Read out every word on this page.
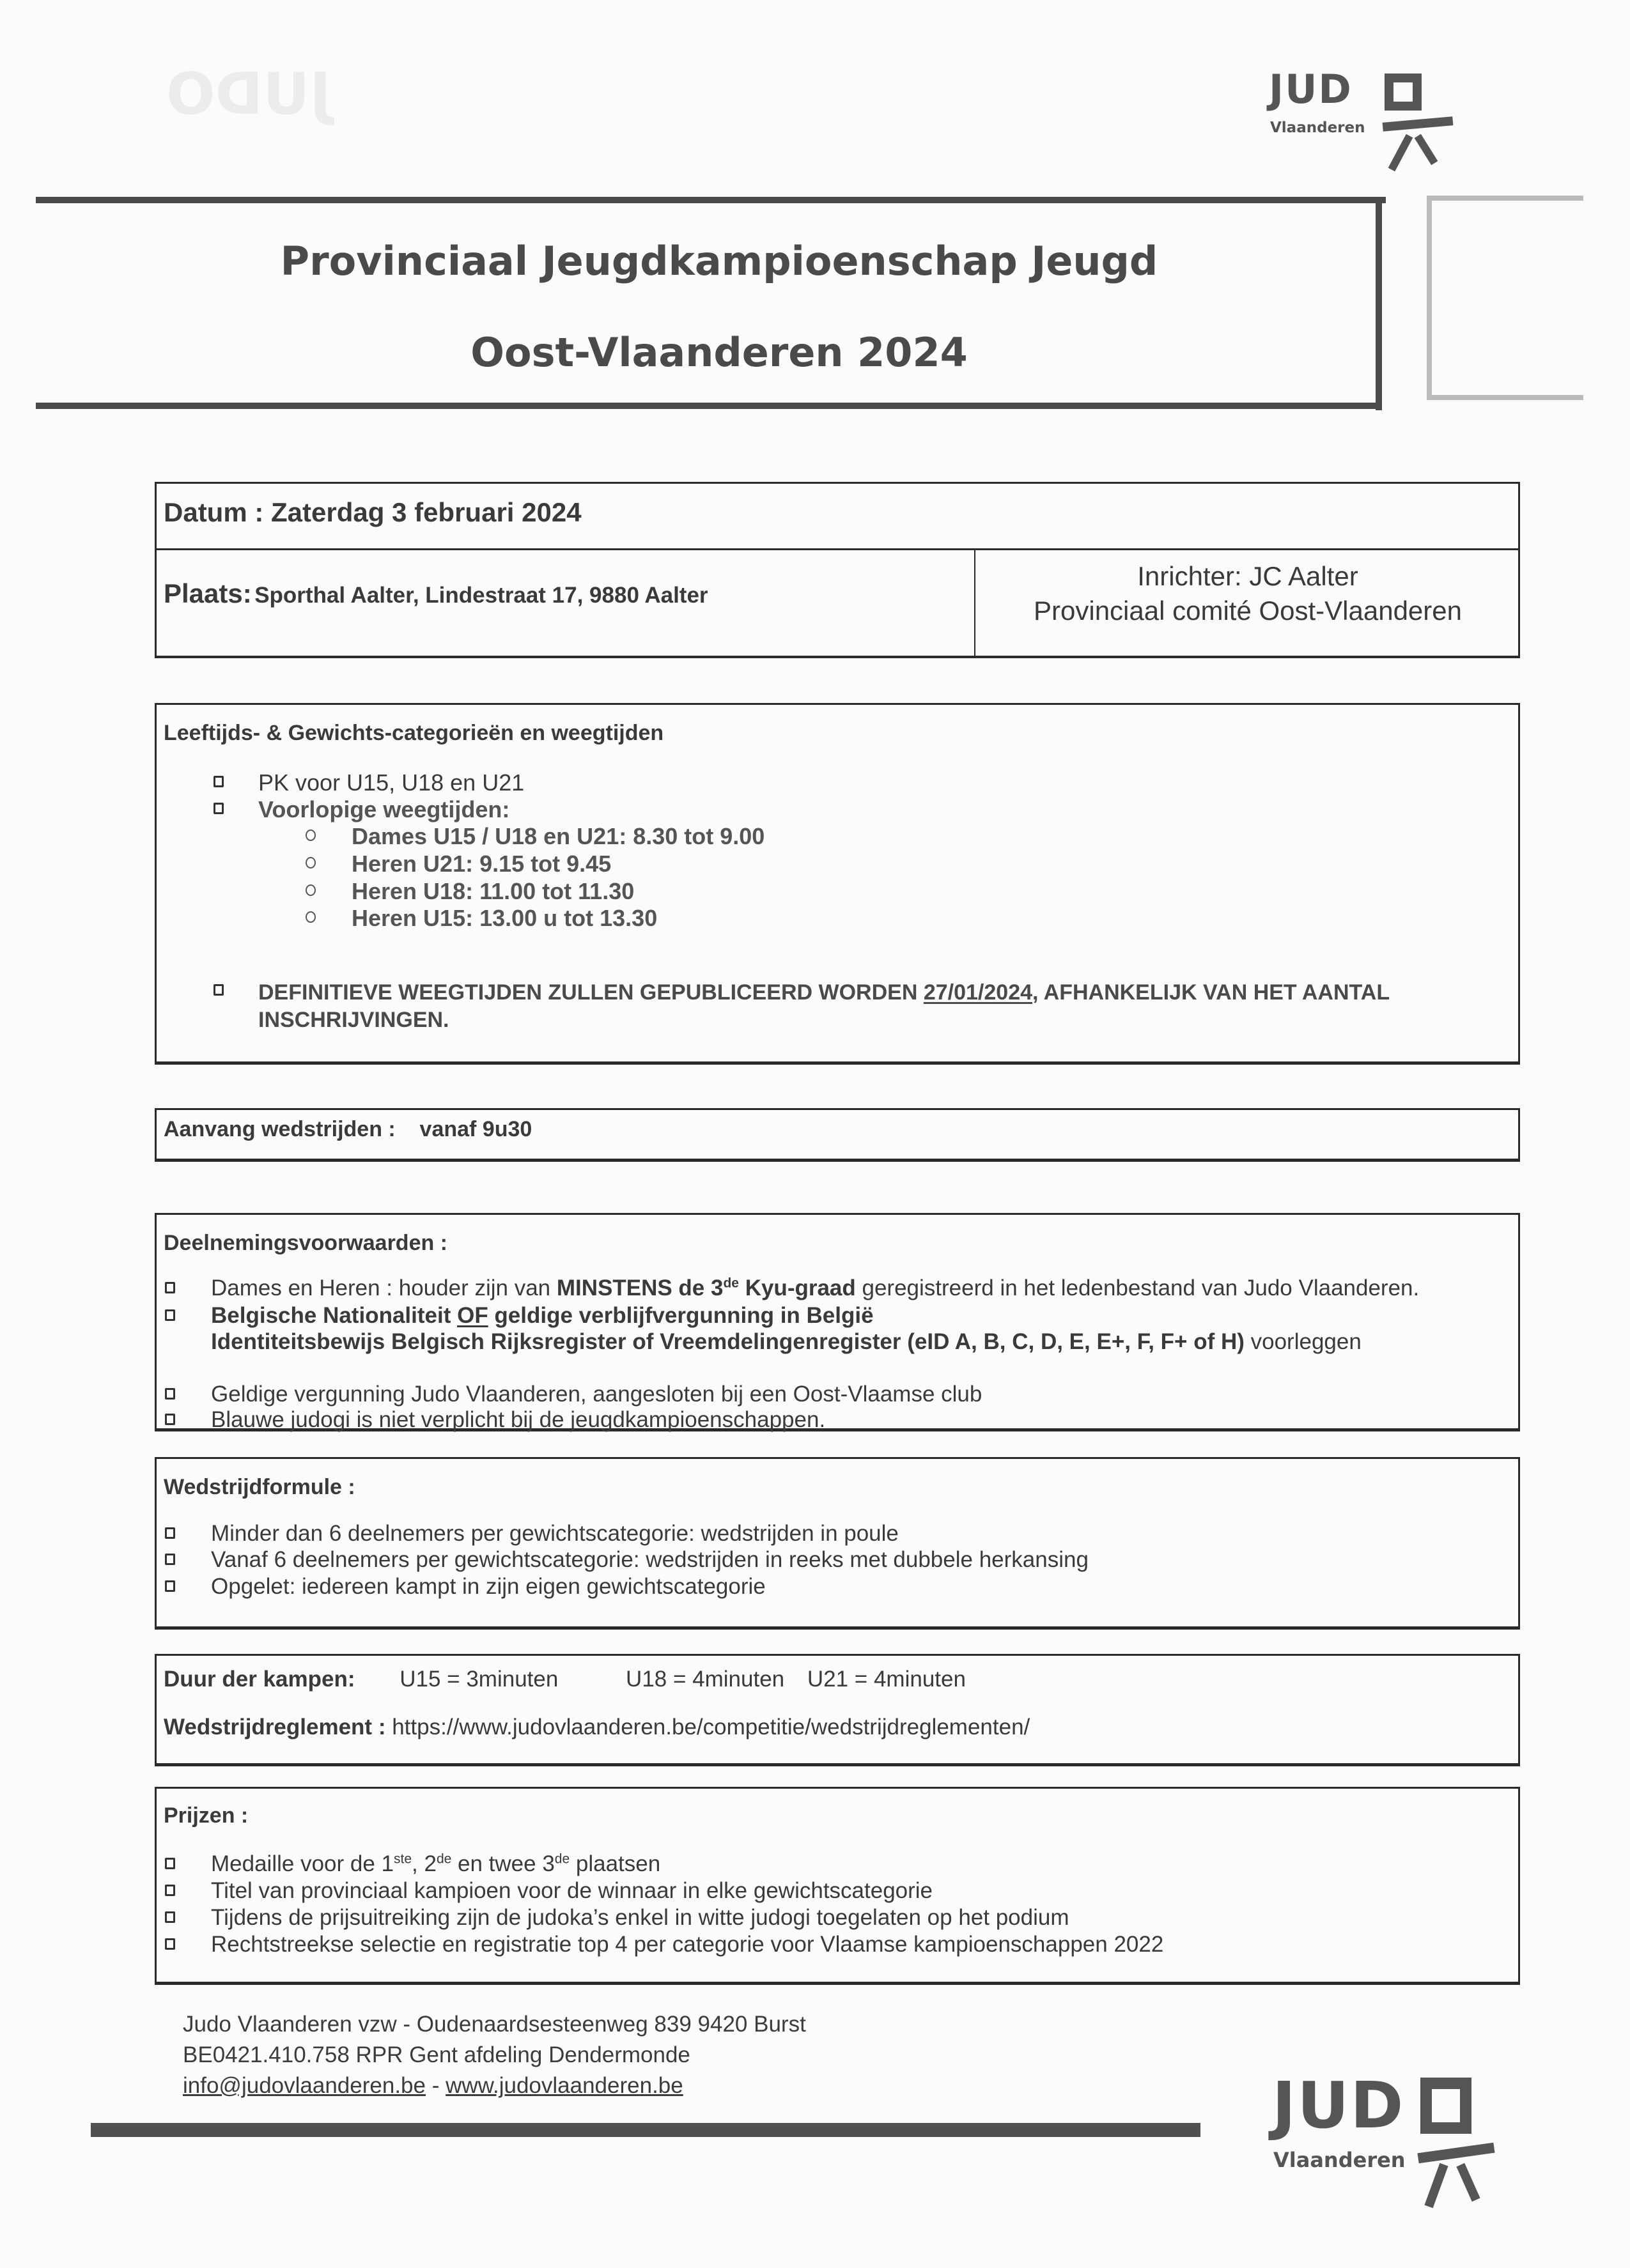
JUDO	JUD
Vlaanderen
Provinciaal Jeugdkampioenschap Jeugd
Oost-Vlaanderen 2024
Datum : Zaterdag 3 februari 2024
Plaats: Sporthal Aalter, Lindestraat 17, 9880 Aalter
Inrichter: JC Aalter
Provinciaal comité Oost-Vlaanderen
Leeftijds- & Gewichts-categorieën en weegtijden
PK voor U15, U18 en U21
Voorlopige weegtijden:
Dames U15 / U18 en U21: 8.30 tot 9.00
Heren U21: 9.15 tot 9.45
Heren U18: 11.00 tot 11.30
Heren U15: 13.00 u tot 13.30
DEFINITIEVE WEEGTIJDEN ZULLEN GEPUBLICEERD WORDEN 27/01/2024, AFHANKELIJK VAN HET AANTAL
INSCHRIJVINGEN.
Aanvang wedstrijden : vanaf 9u30
Deelnemingsvoorwaarden :
Dames en Heren : houder zijn van MINSTENS de 3de Kyu-graad geregistreerd in het ledenbestand van Judo Vlaanderen.
Belgische Nationaliteit OF geldige verblijfvergunning in België
Identiteitsbewijs Belgisch Rijksregister of Vreemdelingenregister (eID A, B, C, D, E, E+, F, F+ of H) voorleggen
Geldige vergunning Judo Vlaanderen, aangesloten bij een Oost-Vlaamse club
Blauwe judogi is niet verplicht bij de jeugdkampioenschappen.
Wedstrijdformule :
Minder dan 6 deelnemers per gewichtscategorie: wedstrijden in poule
Vanaf 6 deelnemers per gewichtscategorie: wedstrijden in reeks met dubbele herkansing
Opgelet: iedereen kampt in zijn eigen gewichtscategorie
Duur der kampen: U15 = 3minuten	U18 = 4minuten U21 = 4minuten
Wedstrijdreglement : https://www.judovlaanderen.be/competitie/wedstrijdreglementen/
Prijzen :
Medaille voor de 1ste, 2de en twee 3de plaatsen
Titel van provinciaal kampioen voor de winnaar in elke gewichtscategorie
Tijdens de prijsuitreiking zijn de judoka’s enkel in witte judogi toegelaten op het podium
Rechtstreekse selectie en registratie top 4 per categorie voor Vlaamse kampioenschappen 2022
Judo Vlaanderen vzw - Oudenaardsesteenweg 839 9420 Burst
BE0421.410.758 RPR Gent afdeling Dendermonde
info@judovlaanderen.be - www.judovlaanderen.be	JUD
Vlaanderen
